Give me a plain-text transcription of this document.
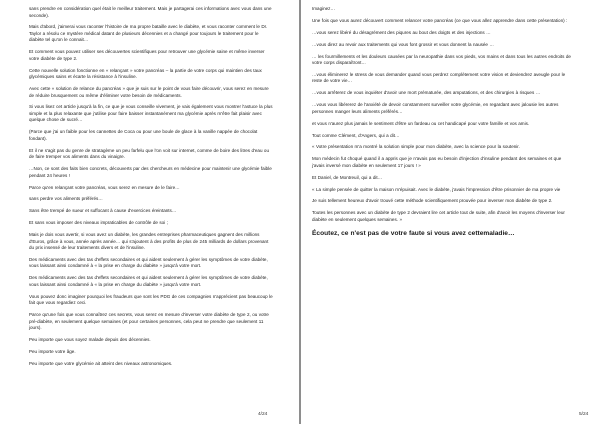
sans prendre en considération quel était le meilleur traitement. Mais je partagerai ces informations avec vous dans une seconde).

Mais d'abord, j'aimerai vous raconter l'histoire de ma propre bataille avec le diabète, et vous raconter comment le Dr. Taylor a résolu ce mystère médical datant de plusieurs décennies et a changé pour toujours le traitement pour le diabète tel qu'on le connait…

Et comment vous pouvez utiliser ses découvertes scientifiques pour retrouver une glycémie saine et même inverser votre diabète de type 2.

Cette nouvelle solution fonctionne en « relançant » votre pancréas – la partie de votre corps qui maintien des taux glycémiques sains et écarte la résistance à l'insuline.

Avec cette « solution de relance du pancréas » que je suis sur le point de vous faire découvrir, vous serez en mesure de réduire brusquement ou même d'éliminer votre besoin de médicaments.

Si vous lisez cet article jusqu'à la fin, ce que je vous conseille vivement, je vais également vous montrer l'astuce la plus simple et la plus relaxante que j'utilise pour faire baisser instantanément ma glycémie après m'être fait plaisir avec quelque chose de sucré…

(Parce que j'ai un faible pour les cannettes de Coca ou pour une boule de glace à la vanille nappée de chocolat fondant).

Et il ne s'agit pas du genre de stratagème un peu farfelu que l'on voit sur internet, comme de boire des litres d'eau ou de faire tremper vos aliments dans du vinaigre.

…Non, ce sont des faits bien concrets, découverts par des chercheurs en médecine pour maintenir une glycémie faible pendant 24 heures !

Parce qu'en relançant votre pancréas, vous serez en mesure de le faire…

sans perdre vos aliments préférés…

Sans être trempé de sueur et suffocant à cause d'exercices éreintants…

Et sans vous imposer des niveaux impraticables de contrôle de soi ;

Mais je dois vous avertir, si vous avez un diabète, les grandes entreprises pharmaceutiques gagnent des millions d'Euros, grâce à vous, année après année… qui s'ajoutent à des profits de plus de 245 milliards de dollars provenant du prix insensé de leur traitements divers et de l'insuline.

Des médicaments avec des tas d'effets secondaires et qui aident seulement à gérer les symptômes de votre diabète, vous laissant ainsi condamné à « la prise en charge du diabète » jusqu'à votre mort.

Des médicaments avec des tas d'effets secondaires et qui aident seulement à gérer les symptômes de votre diabète, vous laissant ainsi condamné à « la prise en charge du diabète » jusqu'à votre mort.

Vous pouvez donc imaginer pourquoi les fraudeurs que sont les PDG de ces compagnies n'apprécient pas beaucoup le fait que vous regardiez ceci.

Parce qu'une fois que vous connaîtrez ces secrets, vous serez en mesure d'inverser votre diabète de type 2, ou votre pré-diabète, en seulement quelque semaines (et pour certaines personnes, cela peut ne prendre que seulement 11 jours).

Peu importe que vous soyez malade depuis des décennies.

Peu importe votre âge.

Peu importe que votre glycémie ait atteint des niveaux astronomiques.

4/24

Imaginez…

Une fois que vous aurez découvert comment relancer votre pancréas (ce que vous allez apprendre dans cette présentation) :

…vous serez libéré du désagrément des piqures au bout des doigts et des injections …

…vous direz au revoir aux traitements qui vous font grossir et vous donnent la nausée …

… les fourmillements et les douleurs causées par la neuropathie dans vos pieds, vos mains et dans tous les autres endroits de votre corps disparaîtront…

…vous éliminerez le stress de vous demander quand vous perdrez complètement votre vision et deviendrez aveugle pour le reste de votre vie…

…vous arrêterez de vous inquiéter d'avoir une mort prématurée, des amputations, et des chirurgies à risques …

…vous vous libérerez de l'anxiété de devoir constamment surveiller votre glycémie, en regardant avec jalousie les autres personnes manger leurs aliments préférés…

et vous n'aurez plus jamais le sentiment d'être un fardeau ou cet handicapé pour votre famille et vos amis.

Tout comme Clément, d'Angers, qui a dit…

« Votre présentation m'a montré la solution simple pour mon diabète, avec la science pour la soutenir.

Mon médecin fut choqué quand il a appris que je n'avais pas eu besoin d'injection d'insuline pendant des semaines et que j'avais inversé mon diabète en seulement 17 jours ! »

Et Daniel, de Montreuil, qui a dit…

« La simple pensée de quitter la maison m'épuisait. Avec le diabète, j'avais l'impression d'être prisonnier de ma propre vie

Je suis tellement heureux d'avoir trouvé cette méthode scientifiquement prouvée pour inverser mon diabète de type 2.

Toutes les personnes avec un diabète de type 2 devraient lire cet article tout de suite, afin d'avoir les moyens d'inverser leur diabète en seulement quelques semaines. »

Écoutez, ce n'est pas de votre faute si vous avez cettemaladie…

5/24
